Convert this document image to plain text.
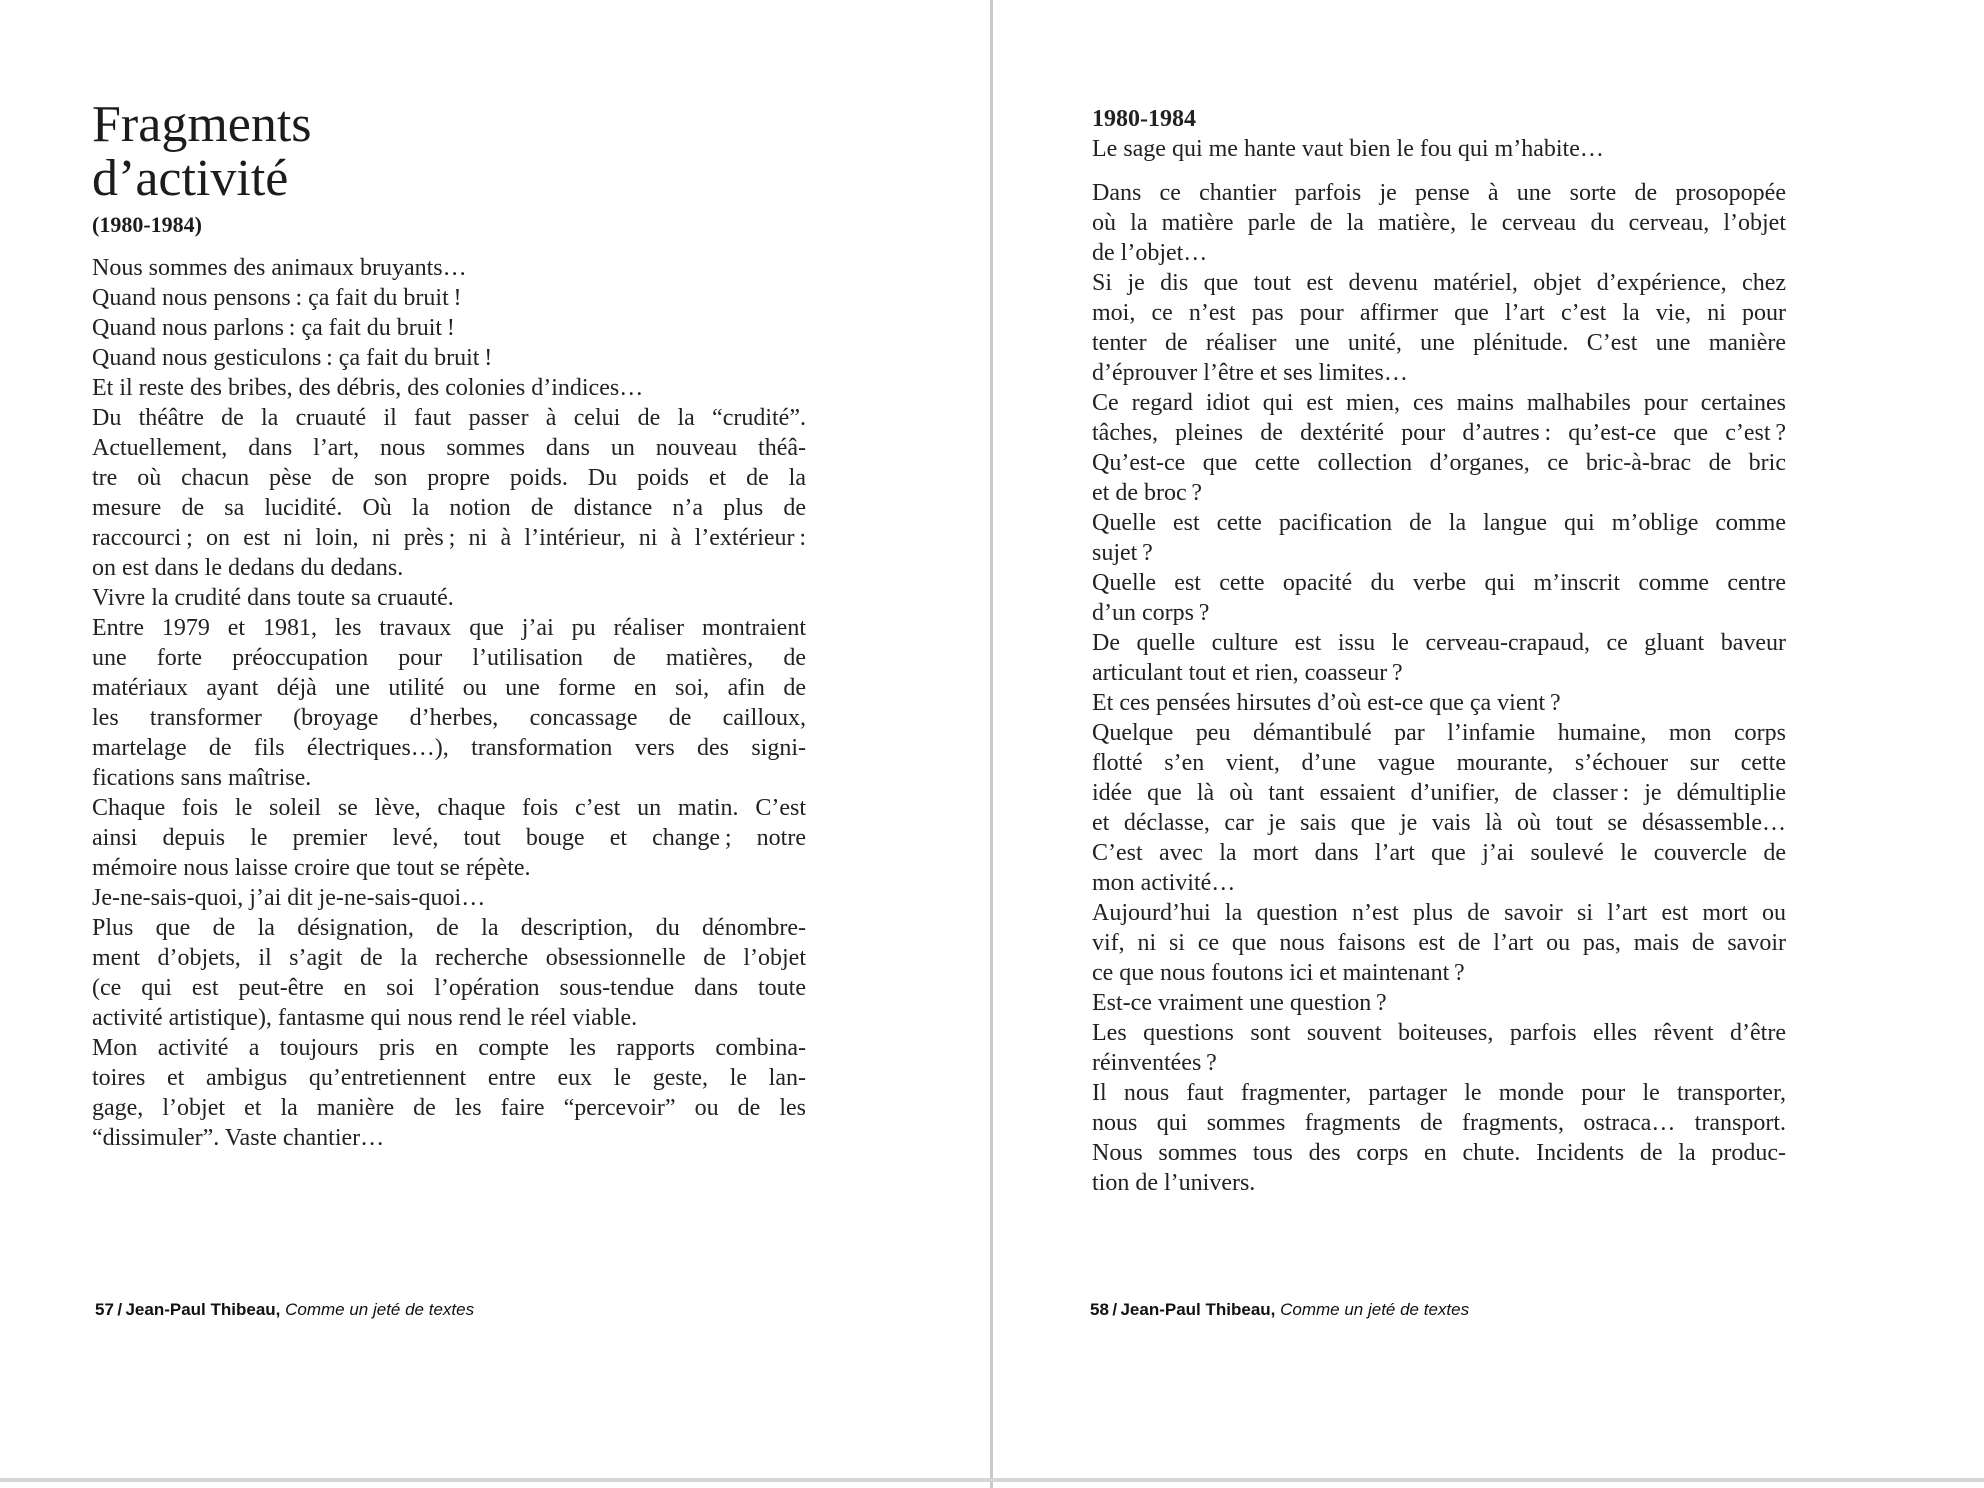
Fragments
d’activité
(1980-1984)
Nous sommes des animaux bruyants…
Quand nous pensons : ça fait du bruit !
Quand nous parlons : ça fait du bruit !
Quand nous gesticulons : ça fait du bruit !
Et il reste des bribes, des débris, des colonies d’indices…
Du théâtre de la cruauté il faut passer à celui de la “crudité”.
Actuellement, dans l’art, nous sommes dans un nouveau théâ-
tre où chacun pèse de son propre poids. Du poids et de la
mesure de sa lucidité. Où la notion de distance n’a plus de
raccourci ; on est ni loin, ni près ; ni à l’intérieur, ni à l’extérieur :
on est dans le dedans du dedans.
Vivre la crudité dans toute sa cruauté.
Entre 1979 et 1981, les travaux que j’ai pu réaliser montraient
une forte préoccupation pour l’utilisation de matières, de
matériaux ayant déjà une utilité ou une forme en soi, afin de
les transformer (broyage d’herbes, concassage de cailloux,
martelage de fils électriques…), transformation vers des signi-
fications sans maîtrise.
Chaque fois le soleil se lève, chaque fois c’est un matin. C’est
ainsi depuis le premier levé, tout bouge et change ; notre
mémoire nous laisse croire que tout se répète.
Je-ne-sais-quoi, j’ai dit je-ne-sais-quoi…
Plus que de la désignation, de la description, du dénombre-
ment d’objets, il s’agit de la recherche obsessionnelle de l’objet
(ce qui est peut-être en soi l’opération sous-tendue dans toute
activité artistique), fantasme qui nous rend le réel viable.
Mon activité a toujours pris en compte les rapports combina-
toires et ambigus qu’entretiennent entre eux le geste, le lan-
gage, l’objet et la manière de les faire “percevoir” ou de les
“dissimuler”. Vaste chantier…
57 / Jean-Paul Thibeau, Comme un jeté de textes
1980-1984
Le sage qui me hante vaut bien le fou qui m’habite…
Dans ce chantier parfois je pense à une sorte de prosopopée
où la matière parle de la matière, le cerveau du cerveau, l’objet
de l’objet…
Si je dis que tout est devenu matériel, objet d’expérience, chez
moi, ce n’est pas pour affirmer que l’art c’est la vie, ni pour
tenter de réaliser une unité, une plénitude. C’est une manière
d’éprouver l’être et ses limites…
Ce regard idiot qui est mien, ces mains malhabiles pour certaines
tâches, pleines de dextérité pour d’autres : qu’est-ce que c’est ?
Qu’est-ce que cette collection d’organes, ce bric-à-brac de bric
et de broc ?
Quelle est cette pacification de la langue qui m’oblige comme
sujet ?
Quelle est cette opacité du verbe qui m’inscrit comme centre
d’un corps ?
De quelle culture est issu le cerveau-crapaud, ce gluant baveur
articulant tout et rien, coasseur ?
Et ces pensées hirsutes d’où est-ce que ça vient ?
Quelque peu démantibulé par l’infamie humaine, mon corps
flotté s’en vient, d’une vague mourante, s’échouer sur cette
idée que là où tant essaient d’unifier, de classer : je démultiplie
et déclasse, car je sais que je vais là où tout se désassemble…
C’est avec la mort dans l’art que j’ai soulevé le couvercle de
mon activité…
Aujourd’hui la question n’est plus de savoir si l’art est mort ou
vif, ni si ce que nous faisons est de l’art ou pas, mais de savoir
ce que nous foutons ici et maintenant ?
Est-ce vraiment une question ?
Les questions sont souvent boiteuses, parfois elles rêvent d’être
réinventées ?
Il nous faut fragmenter, partager le monde pour le transporter,
nous qui sommes fragments de fragments, ostraca… transport.
Nous sommes tous des corps en chute. Incidents de la produc-
tion de l’univers.
58 / Jean-Paul Thibeau, Comme un jeté de textes
